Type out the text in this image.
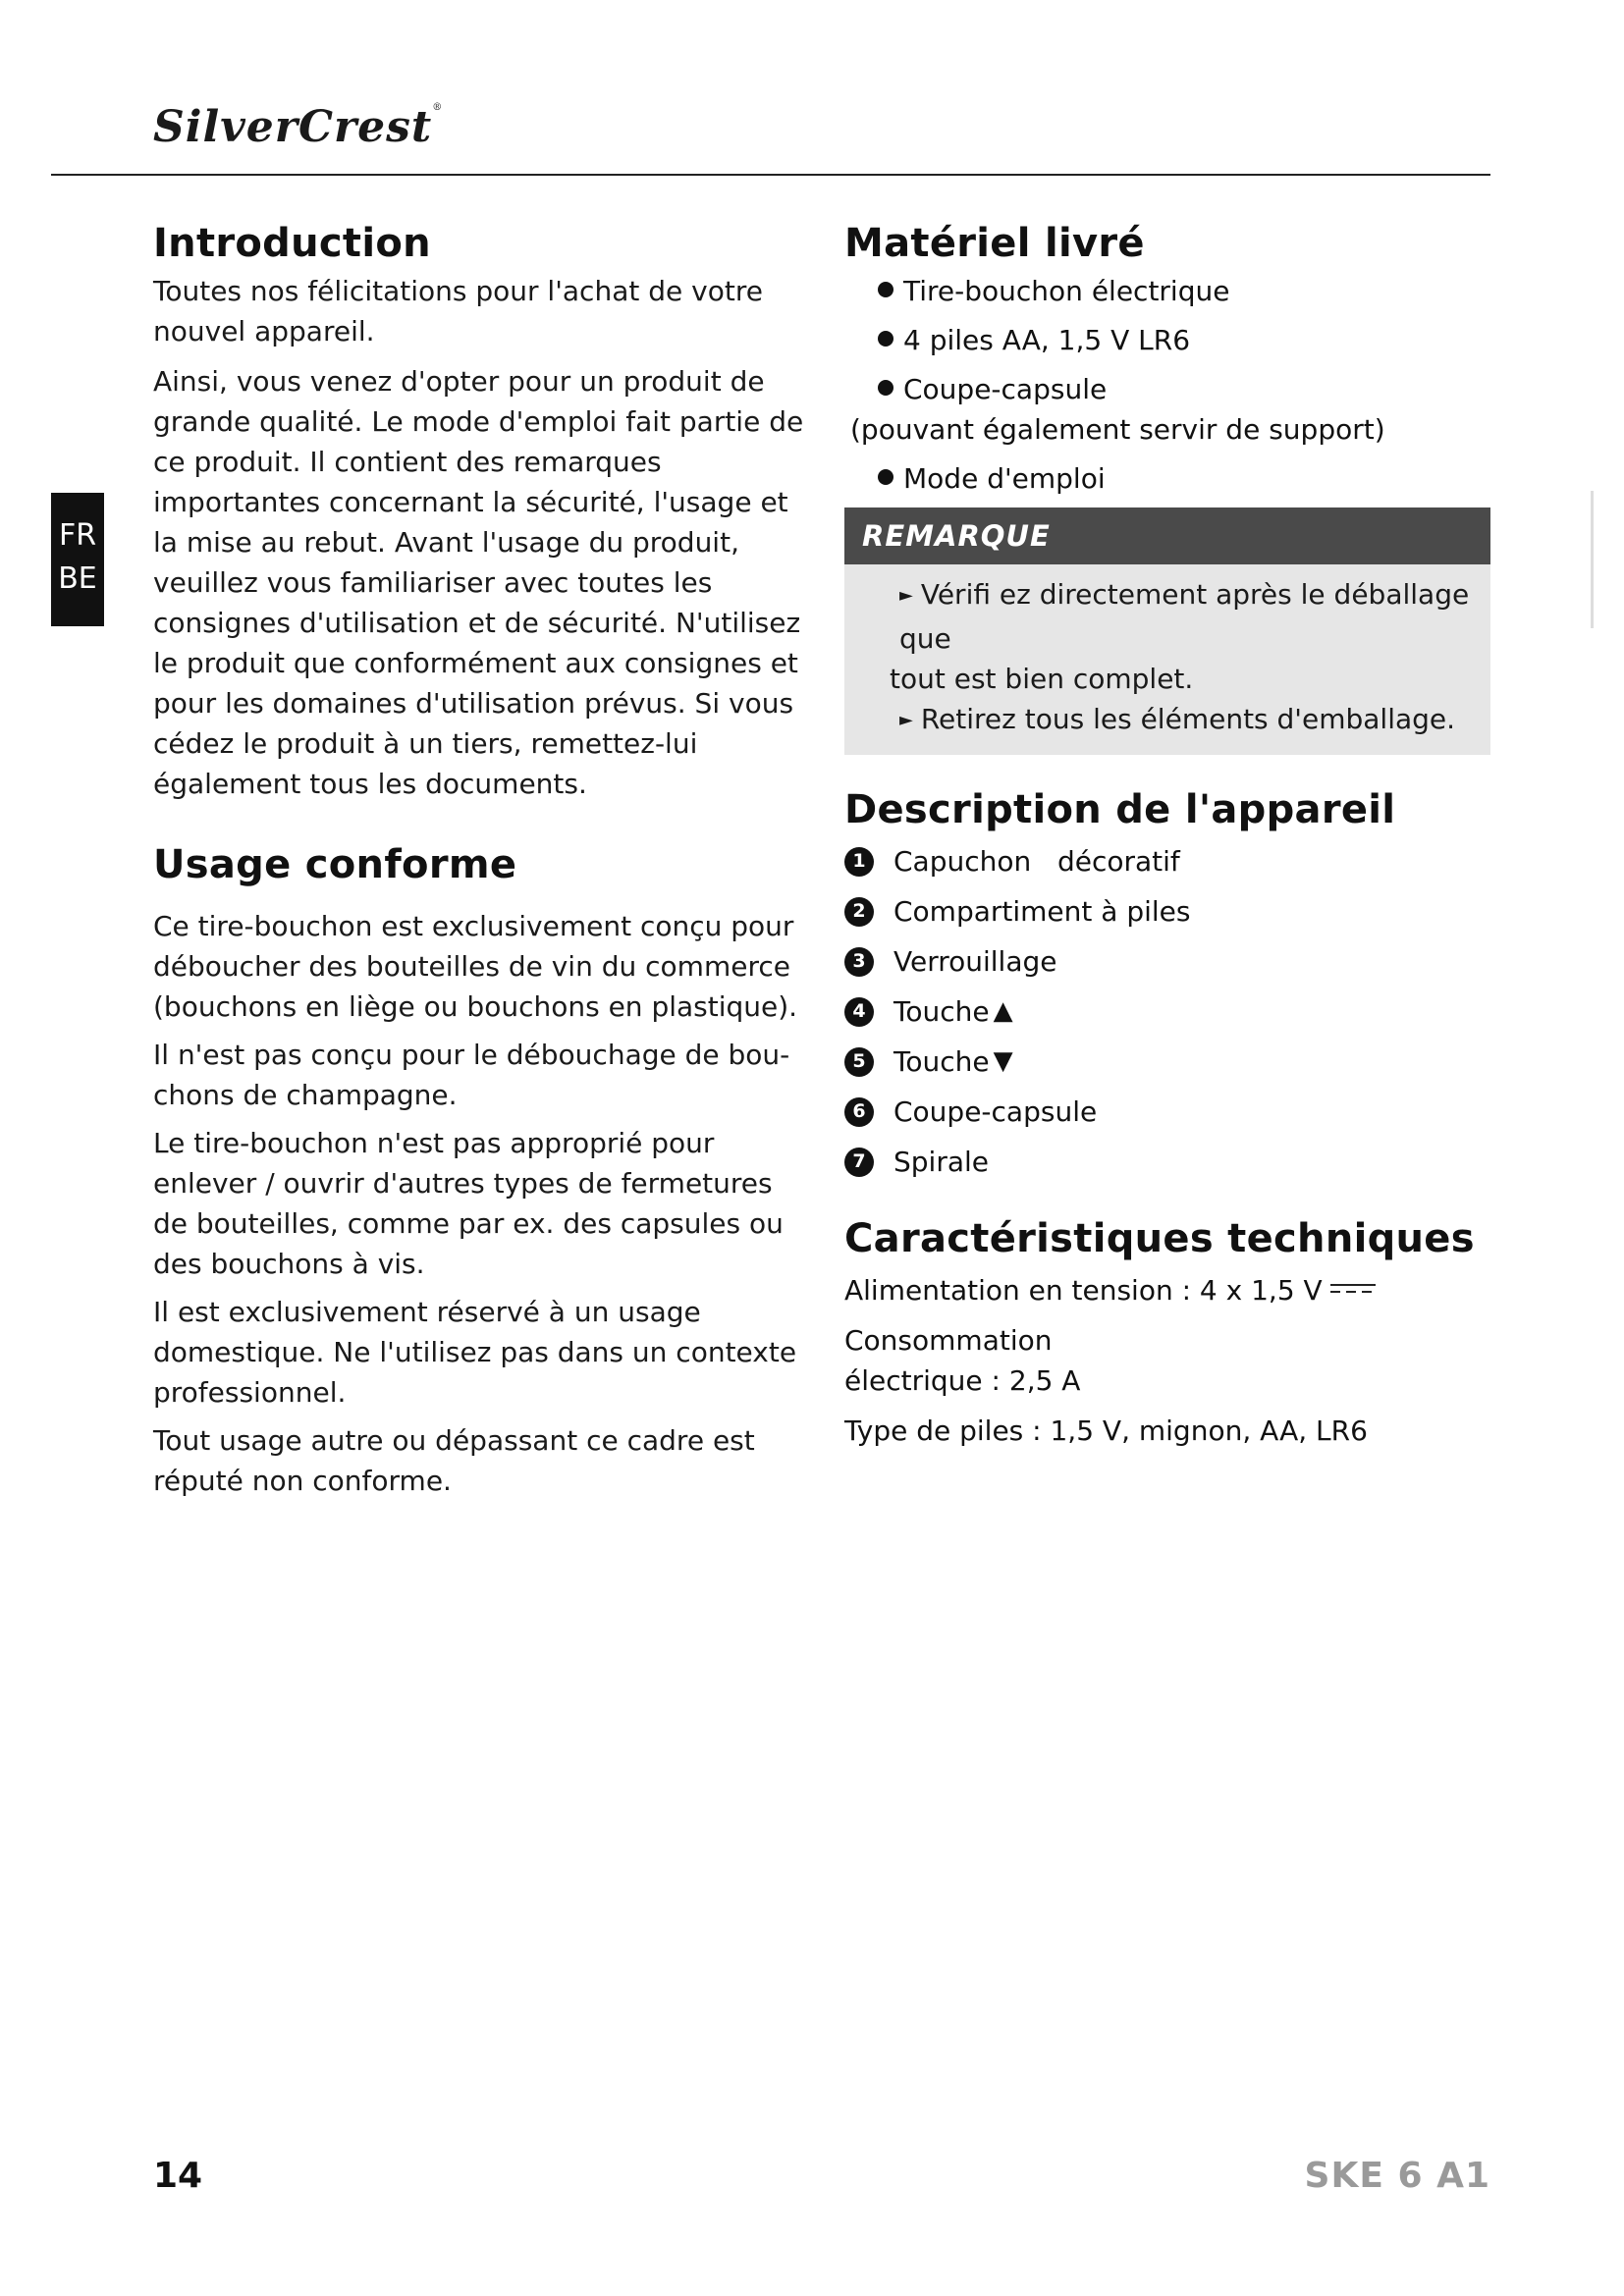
SilverCrest®
FR
BE
Introduction

Toutes nos félicitations pour l'achat de votre nouvel appareil.

Ainsi, vous venez d'opter pour un produit de grande qualité. Le mode d'emploi fait partie de ce produit. Il contient des remarques importantes concernant la sécurité, l'usage et la mise au rebut. Avant l'usage du produit, veuillez vous familiariser avec toutes les consignes d'utilisation et de sécurité. N'utilisez le produit que conformément aux consignes et pour les domaines d'utilisation prévus. Si vous cédez le produit à un tiers, remettez-lui également tous les documents.

Usage conforme

Ce tire-bouchon est exclusivement conçu pour déboucher des bouteilles de vin du commerce (bouchons en liège ou bouchons en plastique).

Il n'est pas conçu pour le débouchage de bou-chons de champagne.

Le tire-bouchon n'est pas approprié pour enlever / ouvrir d'autres types de fermetures de bouteilles, comme par ex. des capsules ou des bouchons à vis.

Il est exclusivement réservé à un usage domestique. Ne l'utilisez pas dans un contexte professionnel.

Tout usage autre ou dépassant ce cadre est réputé non conforme.

Matériel livré
Tire-bouchon électrique
4 piles AA, 1,5 V LR6
Coupe-capsule
(pouvant également servir de support)
Mode d'emploi
REMARQUE

► Vérifi ez directement après le déballage que

tout est bien complet.

► Retirez tous les éléments d'emballage.

Description de l'appareil
1 Capuchon   décoratif
2 Compartiment à piles
3 Verrouillage
4 Touche ▲
5 Touche ▼
6 Coupe-capsule
7 Spirale
Caractéristiques techniques
Alimentation en tension : 4 x 1,5 V
Consommation
électrique : 2,5 A
Type de piles : 1,5 V, mignon, AA, LR6
14	SKE 6 A1
